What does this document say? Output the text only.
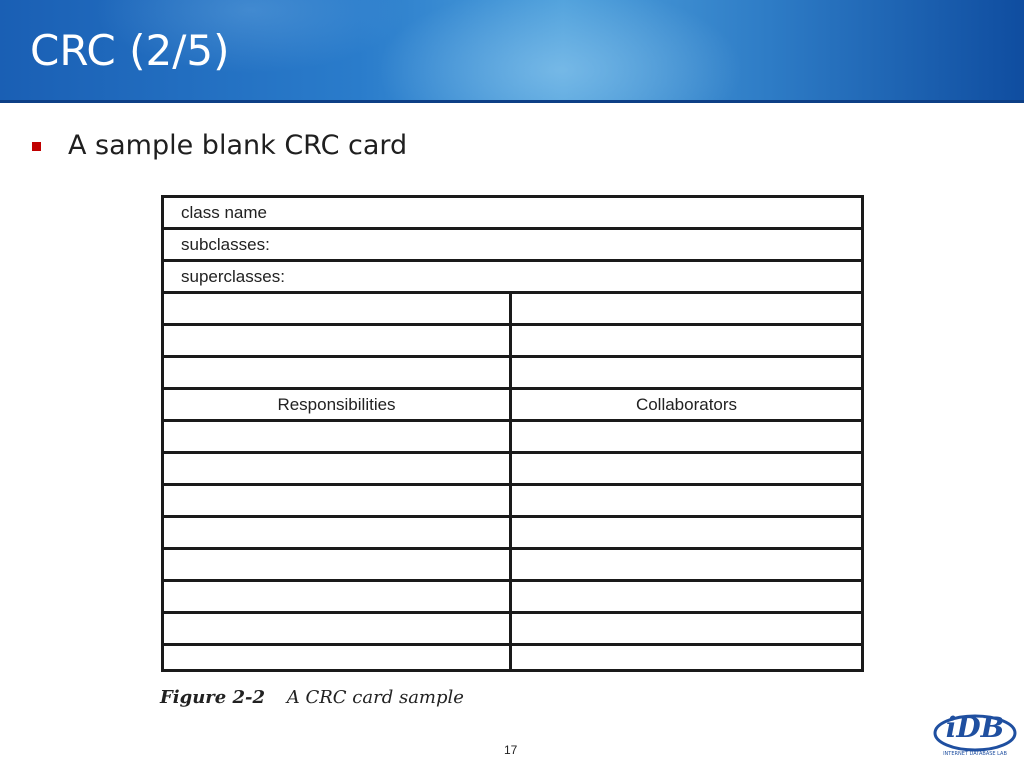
CRC (2/5)
A sample blank CRC card
class name
subclasses:
superclasses:
Responsibilities	Collaborators
Figure 2-2 A CRC card sample
17
iDB
INTERNET DATABASE LAB
